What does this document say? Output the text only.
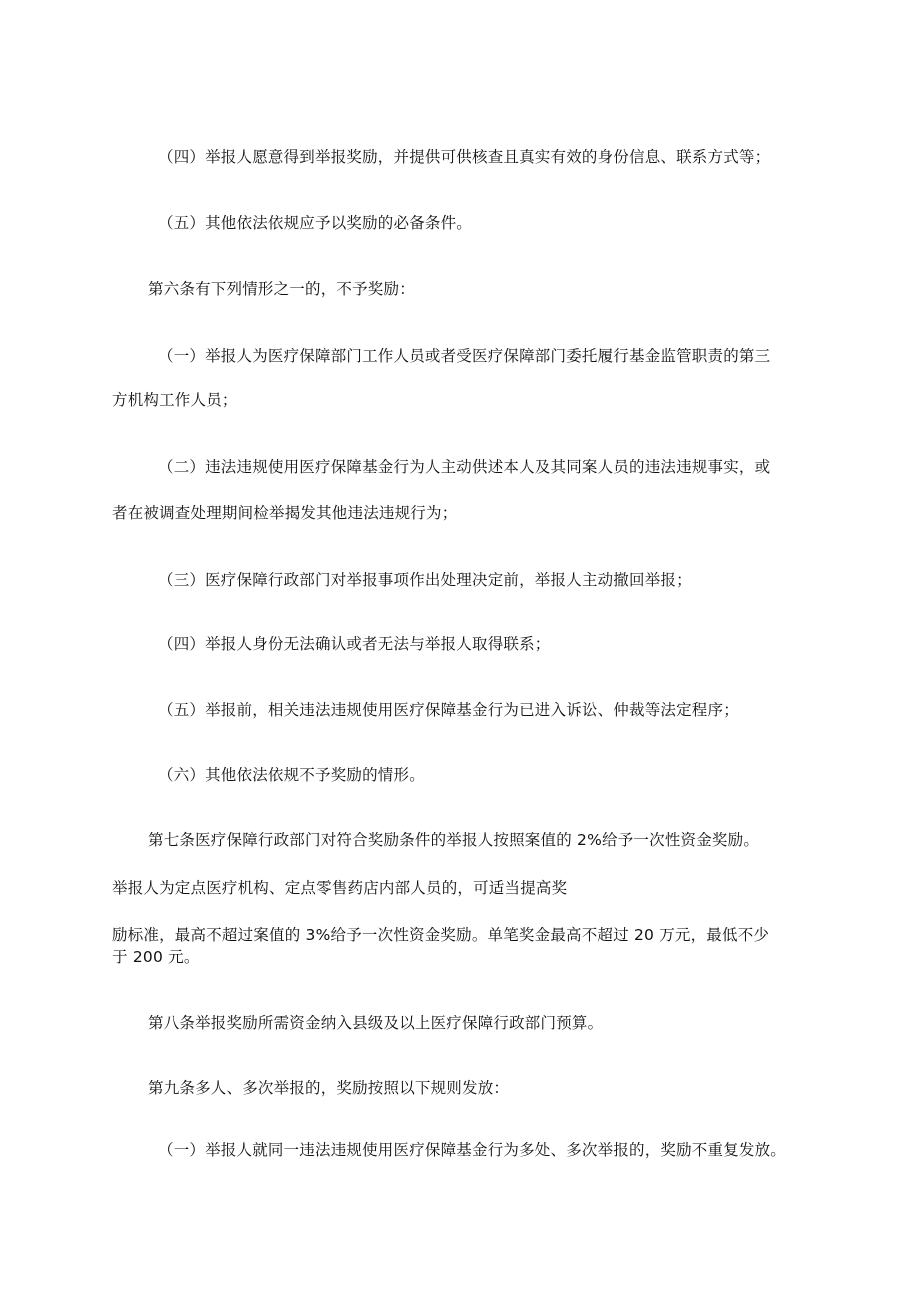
（四）举报人愿意得到举报奖励，并提供可供核查且真实有效的身份信息、联系方式等；
（五）其他依法依规应予以奖励的必备条件。
第六条有下列情形之一的，不予奖励：
（一）举报人为医疗保障部门工作人员或者受医疗保障部门委托履行基金监管职责的第三
方机构工作人员；
（二）违法违规使用医疗保障基金行为人主动供述本人及其同案人员的违法违规事实，或
者在被调查处理期间检举揭发其他违法违规行为；
（三）医疗保障行政部门对举报事项作出处理决定前，举报人主动撤回举报；
（四）举报人身份无法确认或者无法与举报人取得联系；
（五）举报前，相关违法违规使用医疗保障基金行为已进入诉讼、仲裁等法定程序；
（六）其他依法依规不予奖励的情形。
第七条医疗保障行政部门对符合奖励条件的举报人按照案值的 2%给予一次性资金奖励。
举报人为定点医疗机构、定点零售药店内部人员的，可适当提高奖
励标准，最高不超过案值的 3%给予一次性资金奖励。单笔奖金最高不超过 20 万元，最低不少
于 200 元。
第八条举报奖励所需资金纳入县级及以上医疗保障行政部门预算。
第九条多人、多次举报的，奖励按照以下规则发放：
（一）举报人就同一违法违规使用医疗保障基金行为多处、多次举报的，奖励不重复发放。
